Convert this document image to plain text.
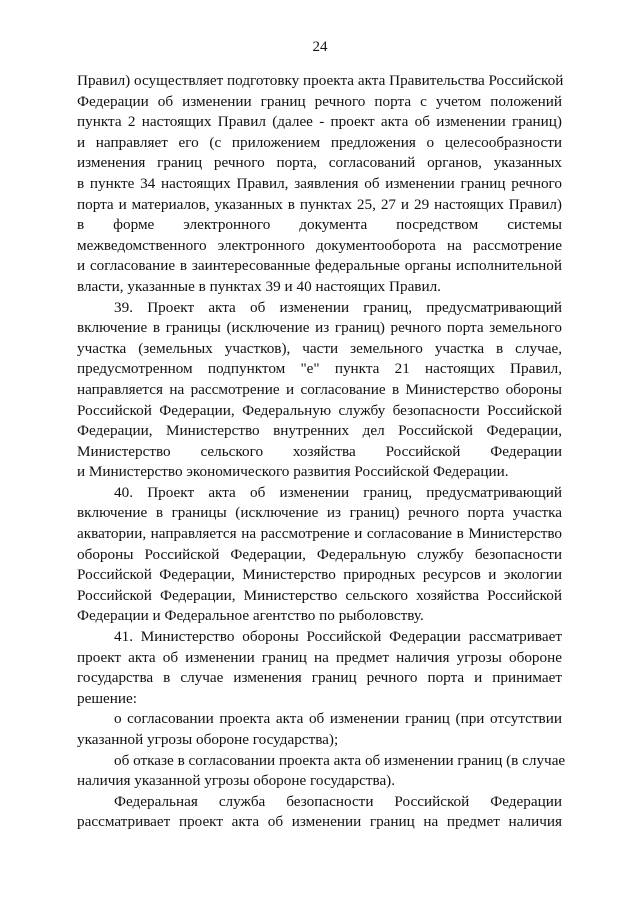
24
Правил) осуществляет подготовку проекта акта Правительства Российской
Федерации об изменении границ речного порта с учетом положений
пункта 2 настоящих Правил (далее - проект акта об изменении границ)
и направляет его (с приложением предложения о целесообразности
изменения границ речного порта, согласований органов, указанных
в пункте 34 настоящих Правил, заявления об изменении границ речного
порта и материалов, указанных в пунктах 25, 27 и 29 настоящих Правил)
в форме электронного документа посредством системы
межведомственного электронного документооборота на рассмотрение
и согласование в заинтересованные федеральные органы исполнительной
власти, указанные в пунктах 39 и 40 настоящих Правил.
39. Проект акта об изменении границ, предусматривающий
включение в границы (исключение из границ) речного порта земельного
участка (земельных участков), части земельного участка в случае,
предусмотренном подпунктом "е" пункта 21 настоящих Правил,
направляется на рассмотрение и согласование в Министерство обороны
Российской Федерации, Федеральную службу безопасности Российской
Федерации, Министерство внутренних дел Российской Федерации,
Министерство сельского хозяйства Российской Федерации
и Министерство экономического развития Российской Федерации.
40. Проект акта об изменении границ, предусматривающий
включение в границы (исключение из границ) речного порта участка
акватории, направляется на рассмотрение и согласование в Министерство
обороны Российской Федерации, Федеральную службу безопасности
Российской Федерации, Министерство природных ресурсов и экологии
Российской Федерации, Министерство сельского хозяйства Российской
Федерации и Федеральное агентство по рыболовству.
41. Министерство обороны Российской Федерации рассматривает
проект акта об изменении границ на предмет наличия угрозы обороне
государства в случае изменения границ речного порта и принимает
решение:
о согласовании проекта акта об изменении границ (при отсутствии
указанной угрозы обороне государства);
об отказе в согласовании проекта акта об изменении границ (в случае
наличия указанной угрозы обороне государства).
Федеральная служба безопасности Российской Федерации
рассматривает проект акта об изменении границ на предмет наличия
